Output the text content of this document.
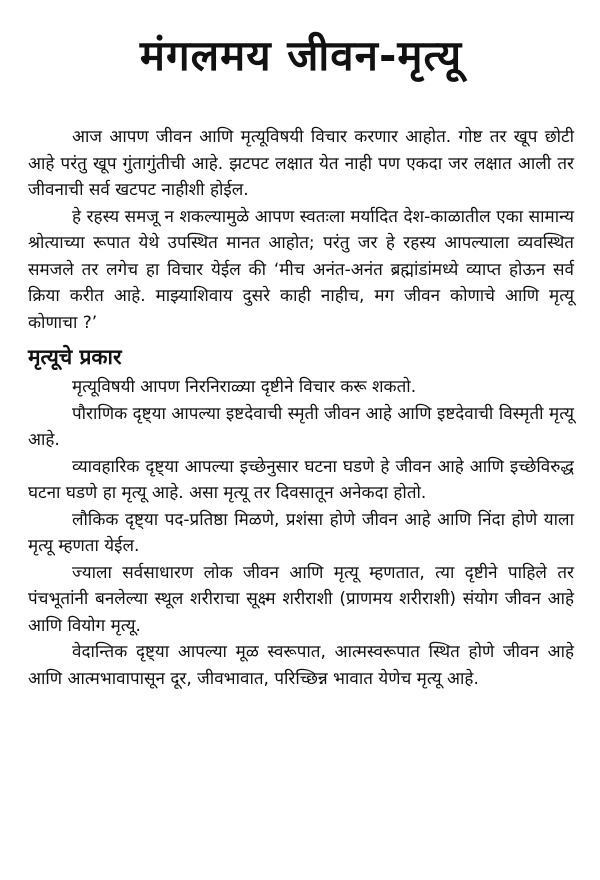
मंगलमय जीवन-मृत्यू

आज आपण जीवन आणि मृत्यूविषयी विचार करणार आहोत. गोष्ट तर खूप छोटी आहे परंतु खूप गुंतागुंतीची आहे. झटपट लक्षात येत नाही पण एकदा जर लक्षात आली तर जीवनाची सर्व खटपट नाहीशी होईल.

हे रहस्य समजू न शकल्यामुळे आपण स्वतःला मर्यादित देश-काळातील एका सामान्य श्रोत्याच्या रूपात येथे उपस्थित मानत आहोत; परंतु जर हे रहस्य आपल्याला व्यवस्थित समजले तर लगेच हा विचार येईल की ‘मीच अनंत-अनंत ब्रह्मांडांमध्ये व्याप्त होऊन सर्व क्रिया करीत आहे. माझ्याशिवाय दुसरे काही नाहीच, मग जीवन कोणाचे आणि मृत्यू कोणाचा ?’

मृत्यूचे प्रकार

मृत्यूविषयी आपण निरनिराळ्या दृष्टीने विचार करू शकतो.

पौराणिक दृष्ट्या आपल्या इष्टदेवाची स्मृती जीवन आहे आणि इष्टदेवाची विस्मृती मृत्यू आहे.

व्यावहारिक दृष्ट्या आपल्या इच्छेनुसार घटना घडणे हे जीवन आहे आणि इच्छेविरुद्ध घटना घडणे हा मृत्यू आहे. असा मृत्यू तर दिवसातून अनेकदा होतो.

लौकिक दृष्ट्या पद-प्रतिष्ठा मिळणे, प्रशंसा होणे जीवन आहे आणि निंदा होणे याला मृत्यू म्हणता येईल.

ज्याला सर्वसाधारण लोक जीवन आणि मृत्यू म्हणतात, त्या दृष्टीने पाहिले तर पंचभूतांनी बनलेल्या स्थूल शरीराचा सूक्ष्म शरीराशी (प्राणमय शरीराशी) संयोग जीवन आहे आणि वियोग मृत्यू.

वेदान्तिक दृष्ट्या आपल्या मूळ स्वरूपात, आत्मस्वरूपात स्थित होणे जीवन आहे आणि आत्मभावापासून दूर, जीवभावात, परिच्छिन्न भावात येणेच मृत्यू आहे.
